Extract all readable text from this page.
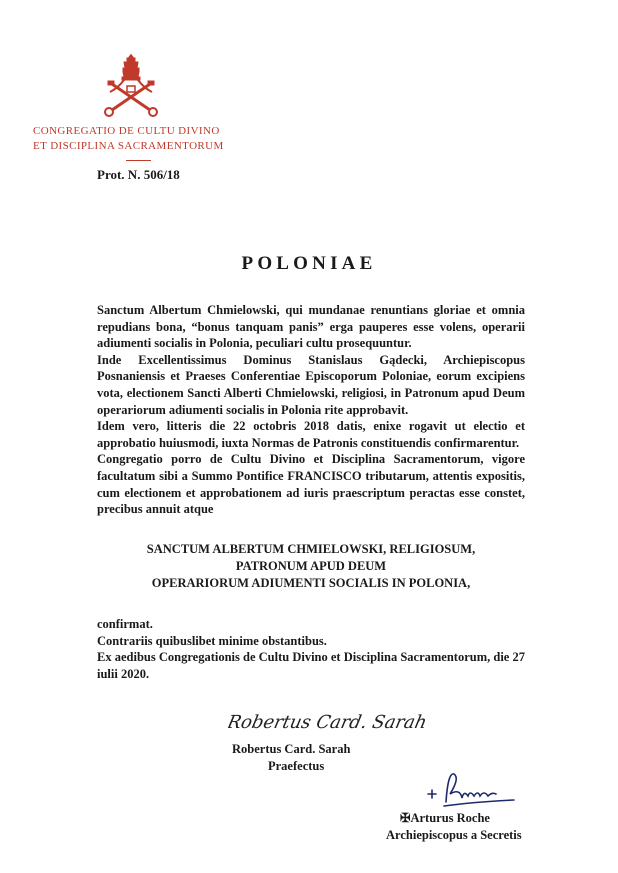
CONGREGATIO DE CULTU DIVINO
ET DISCIPLINA SACRAMENTORUM
Prot. N. 506/18
POLONIAE

Sanctum Albertum Chmielowski, qui mundanae renuntians gloriae et omnia repudians bona, “bonus tanquam panis” erga pauperes esse volens, operarii adiumenti socialis in Polonia, peculiari cultu prosequuntur.

Inde Excellentissimus Dominus Stanislaus Gądecki, Archiepiscopus Posnaniensis et Praeses Conferentiae Episcoporum Poloniae, eorum excipiens vota, electionem Sancti Alberti Chmielowski, religiosi, in Patronum apud Deum operariorum adiumenti socialis in Polonia rite approbavit.

Idem vero, litteris die 22 octobris 2018 datis, enixe rogavit ut electio et approbatio huiusmodi, iuxta Normas de Patronis constituendis confirmarentur.

Congregatio porro de Cultu Divino et Disciplina Sacramentorum, vigore facultatum sibi a Summo Pontifice FRANCISCO tributarum, attentis expositis, cum electionem et approbationem ad iuris praescriptum peractas esse constet, precibus annuit atque

SANCTUM ALBERTUM CHMIELOWSKI, RELIGIOSUM,
PATRONUM APUD DEUM
OPERARIORUM ADIUMENTI SOCIALIS IN POLONIA,

confirmat.

Contrariis quibuslibet minime obstantibus.

Ex aedibus Congregationis de Cultu Divino et Disciplina Sacramentorum, die 27 iulii 2020.

Robertus Card. Sarah
Robertus Card. Sarah
Praefectus
✠Arturus Roche
Archiepiscopus a Secretis
